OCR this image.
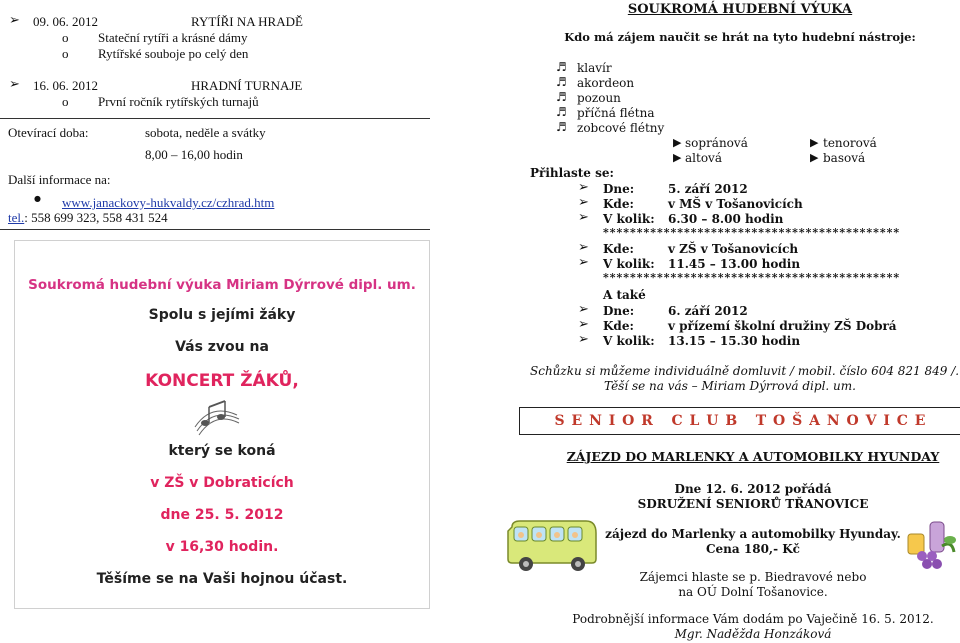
➢ 09. 06. 2012	RYTÍŘI NA HRADĚ
o Stateční rytíři a krásné dámy
o Rytířské souboje po celý den
➢ 16. 06. 2012	HRADNÍ TURNAJE
o První ročník rytířských turnajů
Otevírací doba:	sobota, neděle a svátky
8,00 – 16,00 hodin
Další informace na:
● www.janackovy-hukvaldy.cz/czhrad.htm
tel.: 558 699 323, 558 431 524
Soukromá hudební výuka Miriam Dýrrové dipl. um.
Spolu s jejími žáky
Vás zvou na
KONCERT ŽÁKŮ,
který se koná
v ZŠ v Dobraticích
dne 25. 5. 2012
v 16,30 hodin.
Těšíme se na Vaši hojnou účast.
SOUKROMÁ HUDEBNÍ VÝUKA
Kdo má zájem naučit se hrát na tyto hudební nástroje:
♬ klavír
♬ akordeon
♬ pozoun
♬ příčná flétna
♬ zobcové flétny
▶ sopránová	▶ tenorová
▶ altová	▶ basová
Přihlaste se:
➢ Dne:	5. září 2012
➢ Kde:	v MŠ v Tošanovicích
➢ V kolik: 6.30 – 8.00 hodin
********************************************
➢ Kde:	v ZŠ v Tošanovicích
➢ V kolik: 11.45 – 13.00 hodin
********************************************
A také
➢ Dne:	6. září 2012
➢ Kde:	v přízemí školní družiny ZŠ Dobrá
➢ V kolik: 13.15 – 15.30 hodin
Schůzku si můžeme individuálně domluvit / mobil. číslo 604 821 849 /.
Těší se na vás – Miriam Dýrrová dipl. um.
S E N I O R   C L U B   T O Š A N O V I C E
ZÁJEZD DO MARLENKY A AUTOMOBILKY HYUNDAY
Dne 12. 6. 2012 pořádá
SDRUŽENÍ SENIORŮ TŘANOVICE
zájezd do Marlenky a automobilky Hyunday.
Cena 180,- Kč
Zájemci hlaste se p. Biedravové nebo
na OÚ Dolní Tošanovice.
Podrobnější informace Vám dodám po Vaječině 16. 5. 2012.
Mgr. Naděžda Honzáková
